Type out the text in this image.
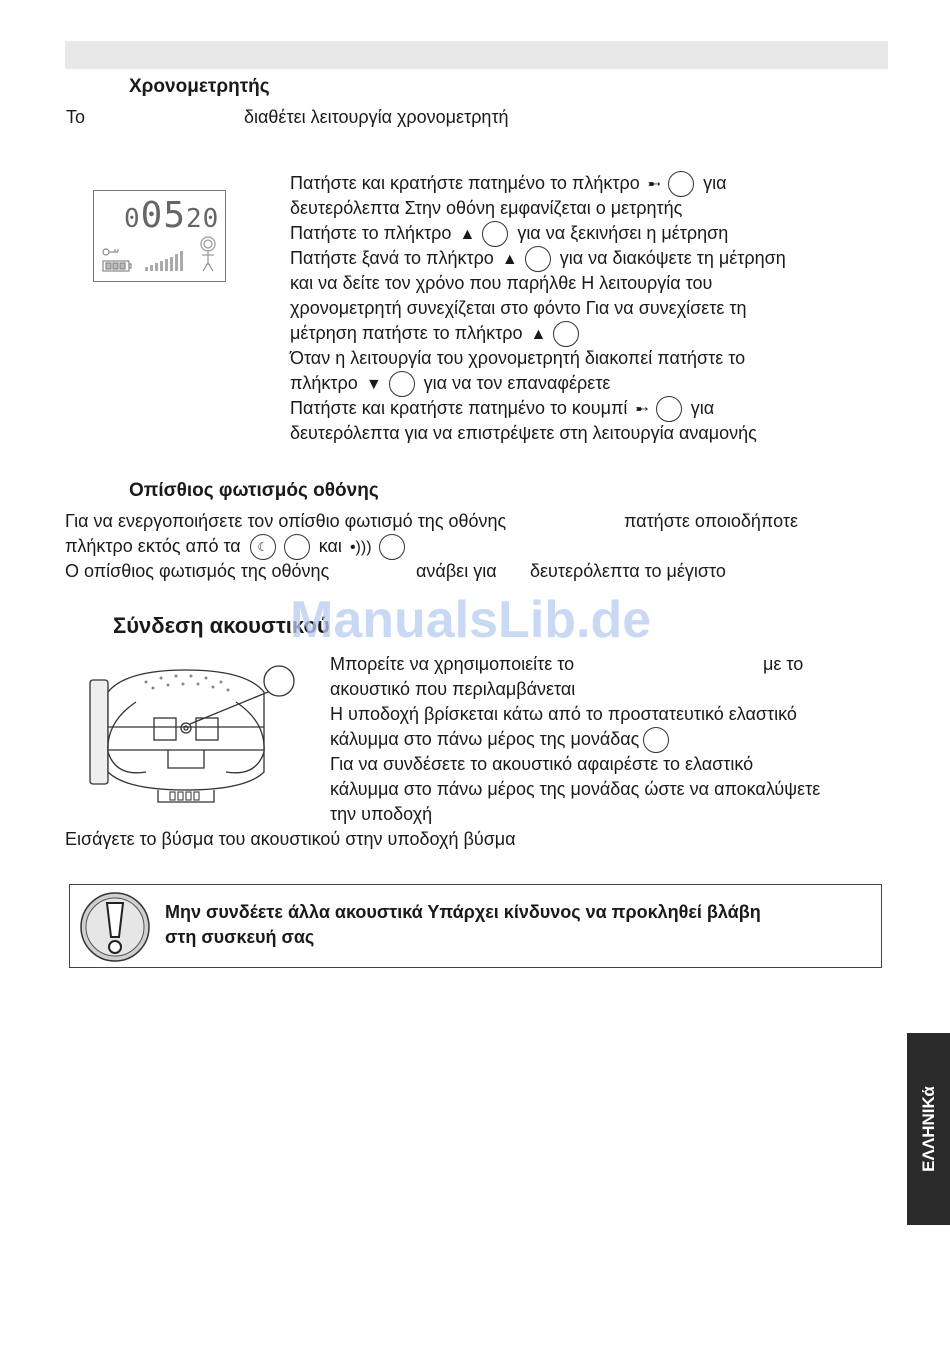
Χρονομετρητής
Το	διαθέτει λειτουργία χρονομετρητή
00520
Πατήστε και κρατήστε πατημένο το πλήκτρο ➸ για
δευτερόλεπτα Στην οθόνη εμφανίζεται ο μετρητής
Πατήστε το πλήκτρο ▲ για να ξεκινήσει η μέτρηση
Πατήστε ξανά το πλήκτρο ▲ για να διακόψετε τη μέτρηση
και να δείτε τον χρόνο που παρήλθε Η λειτουργία του
χρονομετρητή συνεχίζεται στο φόντο Για να συνεχίσετε τη
μέτρηση πατήστε το πλήκτρο ▲
Όταν η λειτουργία του χρονομετρητή διακοπεί πατήστε το
πλήκτρο ▼ για να τον επαναφέρετε
Πατήστε και κρατήστε πατημένο το κουμπί ➸ για
δευτερόλεπτα για να επιστρέψετε στη λειτουργία αναμονής
Οπίσθιος φωτισμός οθόνης
Για να ενεργοποιήσετε τον οπίσθιο φωτισμό της οθόνης	πατήστε οποιοδήποτε
πλήκτρο εκτός από τα ☾	και •)))
Ο οπίσθιος φωτισμός της οθόνης	ανάβει για δευτερόλεπτα το μέγιστο
Σύνδεση ακουστικού
ManualsLib.de
Μπορείτε να χρησιμοποιείτε το	με το
ακουστικό που περιλαμβάνεται
Η υποδοχή βρίσκεται κάτω από το προστατευτικό ελαστικό
κάλυμμα στο πάνω μέρος της μονάδας
Για να συνδέσετε το ακουστικό αφαιρέστε το ελαστικό
κάλυμμα στο πάνω μέρος της μονάδας ώστε να αποκαλύψετε
την υποδοχή
Εισάγετε το βύσμα του ακουστικού στην υποδοχή βύσμα
Μην συνδέετε άλλα ακουστικά Υπάρχει κίνδυνος να προκληθεί βλάβη
στη συσκευή σας
ΕΛΛΗΝΙΚά
